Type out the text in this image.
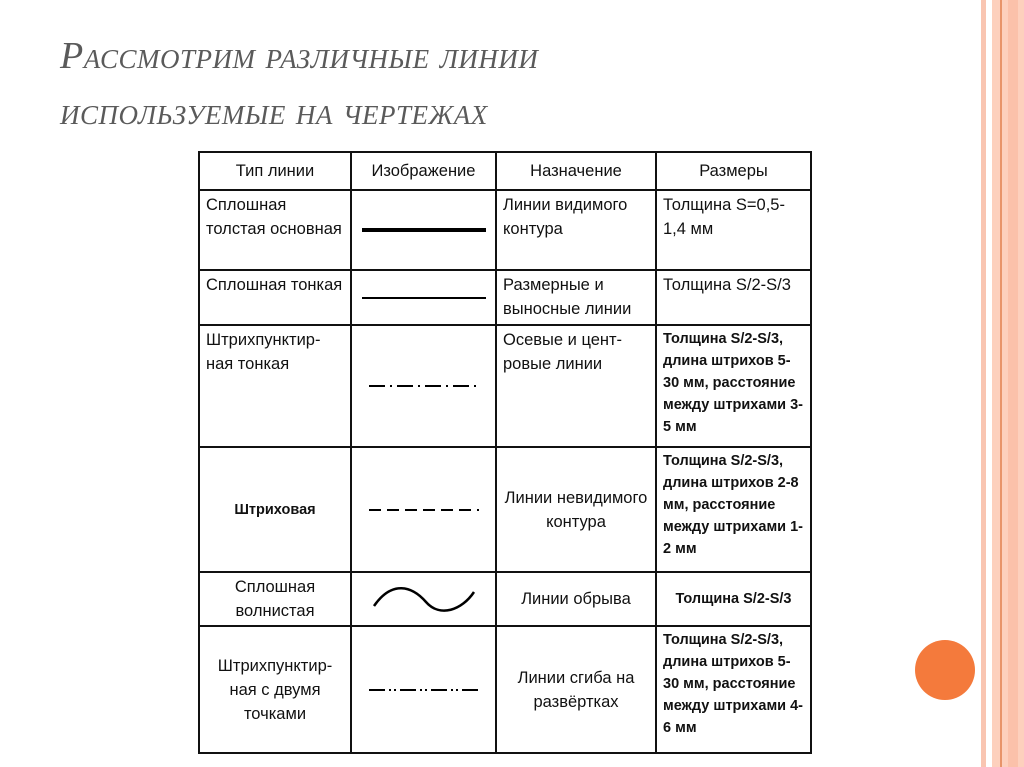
Рассмотрим различные линии
используемые на чертежах
Тип линии	Изображение	Назначение	Размеры
Сплошная толстая основная		Линии видимого контура	Толщина S=0,5-1,4 мм
Сплошная тонкая		Размерные и выносные линии	Толщина S/2-S/3
Штрихпунктир-ная тонкая		Осевые и цент-ровые линии	Толщина S/2-S/3, длина штрихов 5-30 мм, расстояние между штрихами 3-5 мм
Штриховая		Линии невидимого контура	Толщина S/2-S/3, длина штрихов 2-8 мм, расстояние между штрихами 1-2 мм
Сплошная волнистая		Линии обрыва	Толщина S/2-S/3
Штрихпунктир-ная с двумя точками		Линии сгиба на развёртках	Толщина S/2-S/3, длина штрихов 5-30 мм, расстояние между штрихами 4-6 мм
